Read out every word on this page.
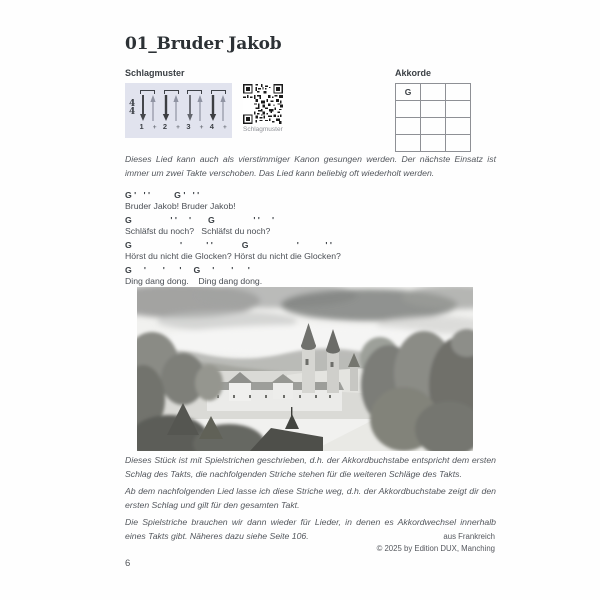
01_Bruder Jakob
Schlagmuster
4
4
1 + 2 + 3 + 4 + Schlagmuster
Akkorde
G		

Dieses Lied kann auch als vierstimmiger Kanon gesungen werden. Der nächste Einsatz ist immer um zwei Takte verschoben. Das Lied kann beliebig oft wiederholt werden.

G '   ' '          G '   ' '
Bruder Jakob! Bruder Jakob!
G                ' '     '       G                ' '     '
Schläfst du noch?   Schläfst du noch?
G                    '          ' '            G                    '           ' '
Hörst du nicht die Glocken? Hörst du nicht die Glocken?
G     '       '      '     G     '       '      '
Ding dang dong.    Ding dang dong.

Dieses Stück ist mit Spielstrichen geschrieben, d.h. der Akkordbuchstabe entspricht dem ersten Schlag des Takts, die nachfolgenden Striche stehen für die weiteren Schläge des Takts.

Ab dem nachfolgenden Lied lasse ich diese Striche weg, d.h. der Akkordbuchstabe zeigt dir den ersten Schlag und gilt für den gesamten Takt.

Die Spielstriche brauchen wir dann wieder für Lieder, in denen es Akkordwechsel innerhalb eines Takts gibt. Näheres dazu siehe Seite 106.	aus Frankreich
© 2025 by Edition DUX, Manching
6
